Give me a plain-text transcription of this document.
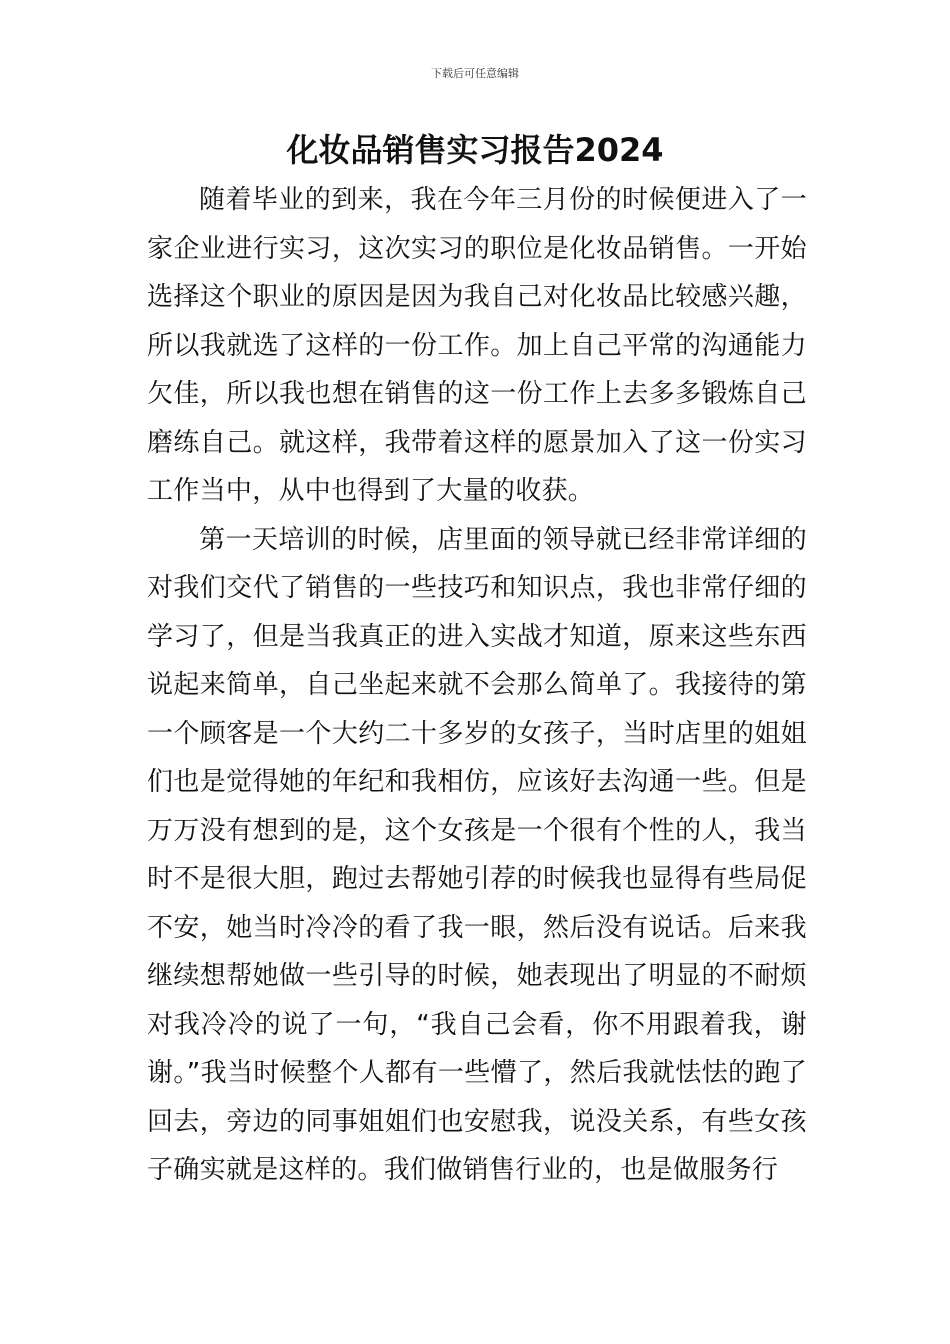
下载后可任意编辑
化妆品销售实习报告2024

随着毕业的到来，我在今年三月份的时候便进入了一家企业进行实习，这次实习的职位是化妆品销售。一开始选择这个职业的原因是因为我自己对化妆品比较感兴趣，所以我就选了这样的一份工作。加上自己平常的沟通能力欠佳，所以我也想在销售的这一份工作上去多多锻炼自己磨练自己。就这样，我带着这样的愿景加入了这一份实习工作当中，从中也得到了大量的收获。

第一天培训的时候，店里面的领导就已经非常详细的对我们交代了销售的一些技巧和知识点，我也非常仔细的学习了，但是当我真正的进入实战才知道，原来这些东西说起来简单，自己坐起来就不会那么简单了。我接待的第一个顾客是一个大约二十多岁的女孩子，当时店里的姐姐们也是觉得她的年纪和我相仿，应该好去沟通一些。但是万万没有想到的是，这个女孩是一个很有个性的人，我当时不是很大胆，跑过去帮她引荐的时候我也显得有些局促不安，她当时冷冷的看了我一眼，然后没有说话。后来我继续想帮她做一些引导的时候，她表现出了明显的不耐烦对我冷冷的说了一句，“我自己会看，你不用跟着我，谢谢。”我当时候整个人都有一些懵了，然后我就怯怯的跑了回去，旁边的同事姐姐们也安慰我，说没关系，有些女孩子确实就是这样的。我们做销售行业的，也是做服务行
